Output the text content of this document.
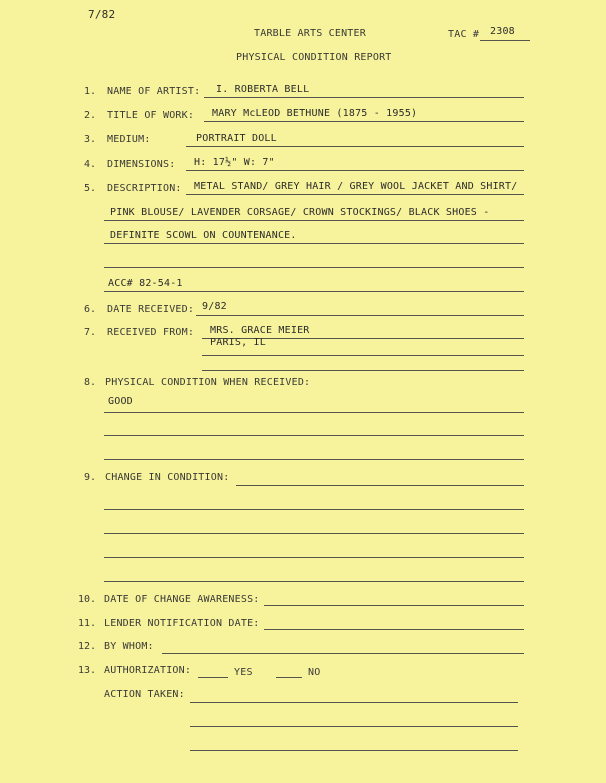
7/82
TARBLE ARTS CENTER	TAC # 2308
PHYSICAL CONDITION REPORT
1. NAME OF ARTIST: I. ROBERTA BELL
2. TITLE OF WORK: MARY McLEOD BETHUNE (1875 - 1955)
3. MEDIUM:	PORTRAIT DOLL
4. DIMENSIONS: H: 17½" W: 7"
5. DESCRIPTION: METAL STAND/ GREY HAIR / GREY WOOL JACKET AND SHIRT/
PINK BLOUSE/ LAVENDER CORSAGE/ CROWN STOCKINGS/ BLACK SHOES -
DEFINITE SCOWL ON COUNTENANCE.
ACC# 82-54-1
6. DATE RECEIVED: 9/82
7. RECEIVED FROM: MRS. GRACE MEIER
PARIS, IL
8. PHYSICAL CONDITION WHEN RECEIVED:
GOOD
9. CHANGE IN CONDITION:
10. DATE OF CHANGE AWARENESS:
11. LENDER NOTIFICATION DATE:
12. BY WHOM:
13. AUTHORIZATION:	YES	NO
ACTION TAKEN:
